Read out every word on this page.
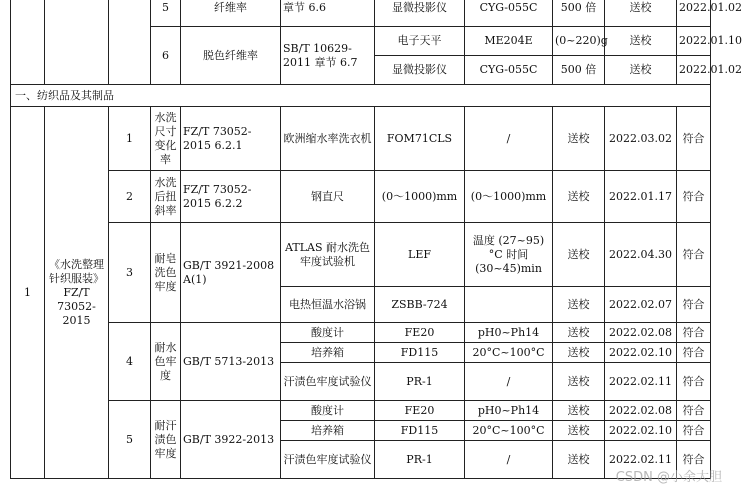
			5	纤维率	章节 6.6	显微投影仪	CYG-055C	500 倍	送校	2022.01.02	
			6	脱色纤维率	SB/T 10629-2011 章节 6.7	电子天平	ME204E	(0~220)g	送校	2022.01.10	
						显微投影仪	CYG-055C	500 倍	送校	2022.01.02	
一、纺织品及其制品											
1	《水洗整理针织服装》FZ/T 73052-2015	1	水洗尺寸变化率	FZ/T 73052-2015 6.2.1	欧洲缩水率洗衣机	FOM71CLS	/	送校	2022.03.02	符合	
		2	水洗后扭斜率	FZ/T 73052-2015 6.2.2	钢直尺	(0～1000)mm	(0～1000)mm	送校	2022.01.17	符合	
		3	耐皂洗色牢度	GB/T 3921-2008 A(1)	ATLAS 耐水洗色牢度试验机	LEF	温度 (27~95)°C 时间 (30~45)min	送校	2022.04.30	符合	
					电热恒温水浴锅	ZSBB-724		送校	2022.02.07	符合	
		4	耐水色牢度	GB/T 5713-2013	酸度计	FE20	pH0~Ph14	送校	2022.02.08	符合	
					培养箱	FD115	20°C~100°C	送校	2022.02.10	符合	
					汗渍色牢度试验仪	PR-1	/	送校	2022.02.11	符合	
		5	耐汗渍色牢度	GB/T 3922-2013	酸度计	FE20	pH0~Ph14	送校	2022.02.08	符合	
					培养箱	FD115	20°C~100°C	送校	2022.02.10	符合	
					汗渍色牢度试验仪	PR-1	/	送校	2022.02.11	符合	
CSDN @小余大胆
